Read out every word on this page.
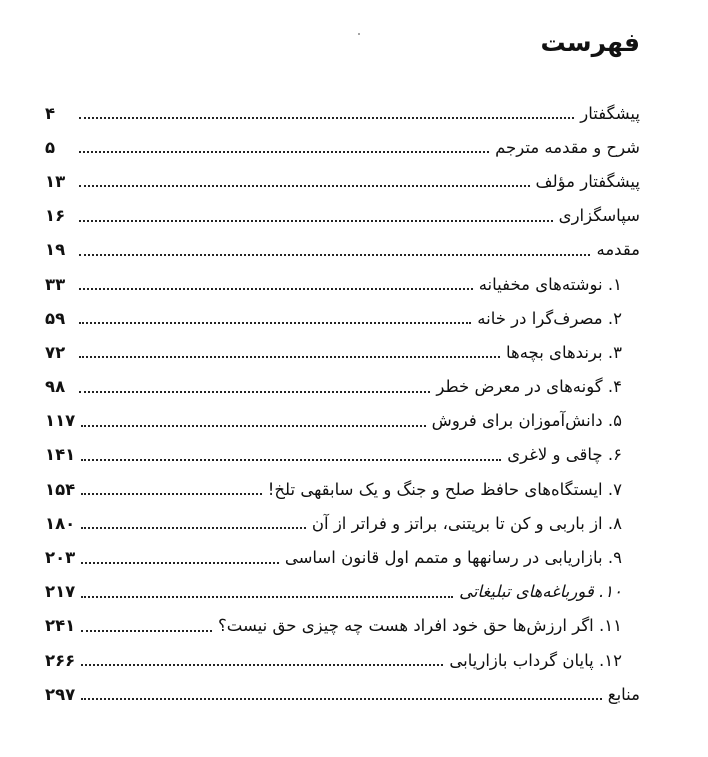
فهرست
پیشگفتار
۴
شرح و مقدمه مترجم
۵
پیشگفتار مؤلف
۱۳
سپاسگزاری
۱۶
مقدمه
۱۹
۱. نوشته‌های مخفیانه
۳۳
۲. مصرف‌گرا در خانه
۵۹
۳. برندهای بچه‌ها
۷۲
۴. گونه‌های در معرض خطر
۹۸
۵. دانش‌آموزان برای فروش
۱۱۷
۶. چاقی و لاغری
۱۴۱
۷. ایستگاه‌های حافظ صلح و جنگ و یک سابقهی تلخ!
۱۵۴
۸. از باربی و کن تا بریتنی، براتز و فراتر از آن
۱۸۰
۹. بازاریابی در رسانهها و متمم اول قانون اساسی
۲۰۳
۱۰. قورباغه‌های تبلیغاتی
۲۱۷
۱۱. اگر ارزش‌ها حق خود افراد هست چه چیزی حق نیست؟
۲۴۱
۱۲. پایان گرداب بازاریابی
۲۶۶
منابع
۲۹۷
